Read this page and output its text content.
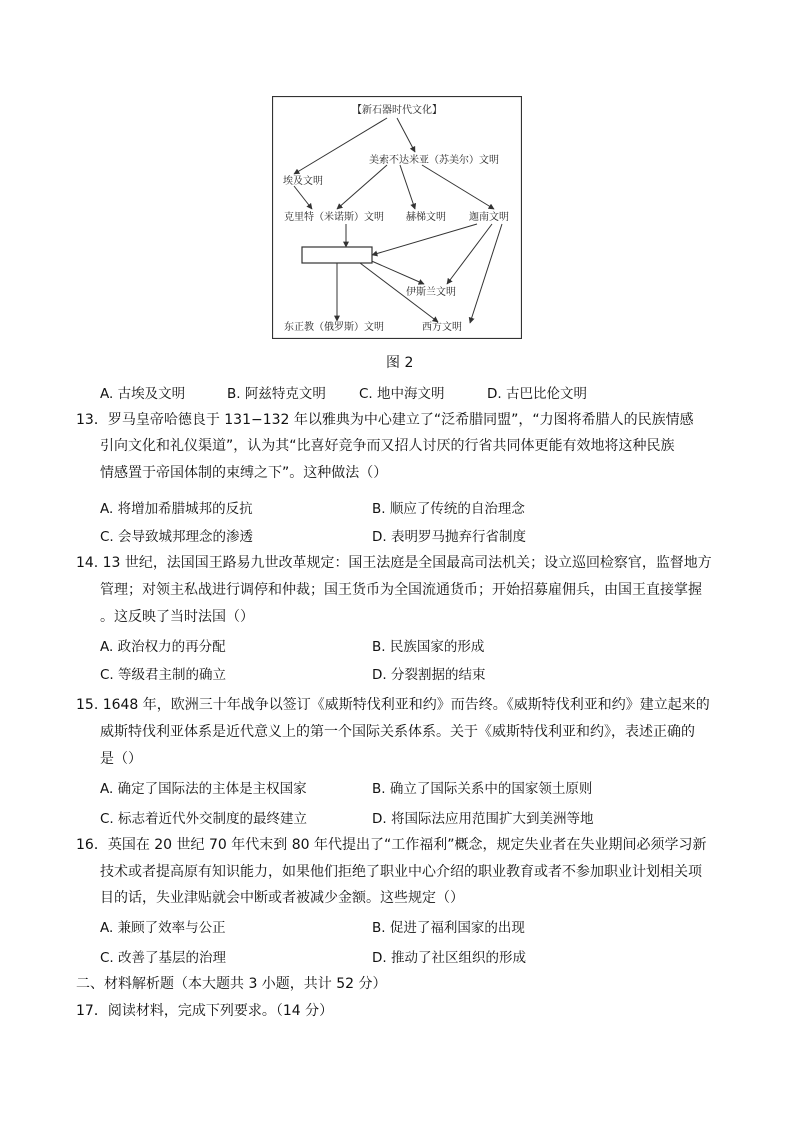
【新石器时代文化】
美索不达米亚（苏美尔）文明
埃及文明
克里特（米诺斯）文明 赫梯文明 迦南文明
伊斯兰文明
东正教（俄罗斯）文明	西方文明
图 2
A. 古埃及文明	B. 阿兹特克文明 C. 地中海文明	D. 古巴比伦文明
13．罗马皇帝哈德良于 131−132 年以雅典为中心建立了“泛希腊同盟”，“力图将希腊人的民族情感
引向文化和礼仪渠道”，认为其“比喜好竞争而又招人讨厌的行省共同体更能有效地将这种民族
情感置于帝国体制的束缚之下”。这种做法（）
A. 将增加希腊城邦的反抗	B. 顺应了传统的自治理念
C. 会导致城邦理念的渗透	D. 表明罗马抛弃行省制度
14. 13 世纪，法国国王路易九世改革规定：国王法庭是全国最高司法机关；设立巡回检察官，监督地方
管理；对领主私战进行调停和仲裁；国王货币为全国流通货币；开始招募雇佣兵，由国王直接掌握
。这反映了当时法国（）
A. 政治权力的再分配	B. 民族国家的形成
C. 等级君主制的确立	D. 分裂割据的结束
15. 1648 年，欧洲三十年战争以签订《威斯特伐利亚和约》而告终。《威斯特伐利亚和约》建立起来的
威斯特伐利亚体系是近代意义上的第一个国际关系体系。关于《威斯特伐利亚和约》，表述正确的
是（）
A. 确定了国际法的主体是主权国家	B. 确立了国际关系中的国家领土原则
C. 标志着近代外交制度的最终建立	D. 将国际法应用范围扩大到美洲等地
16．英国在 20 世纪 70 年代末到 80 年代提出了“工作福利”概念，规定失业者在失业期间必须学习新
技术或者提高原有知识能力，如果他们拒绝了职业中心介绍的职业教育或者不参加职业计划相关项
目的话，失业津贴就会中断或者被减少金额。这些规定（）
A. 兼顾了效率与公正	B. 促进了福利国家的出现
C. 改善了基层的治理	D. 推动了社区组织的形成
二、材料解析题（本大题共 3 小题，共计 52 分）
17．阅读材料，完成下列要求。（14 分）
